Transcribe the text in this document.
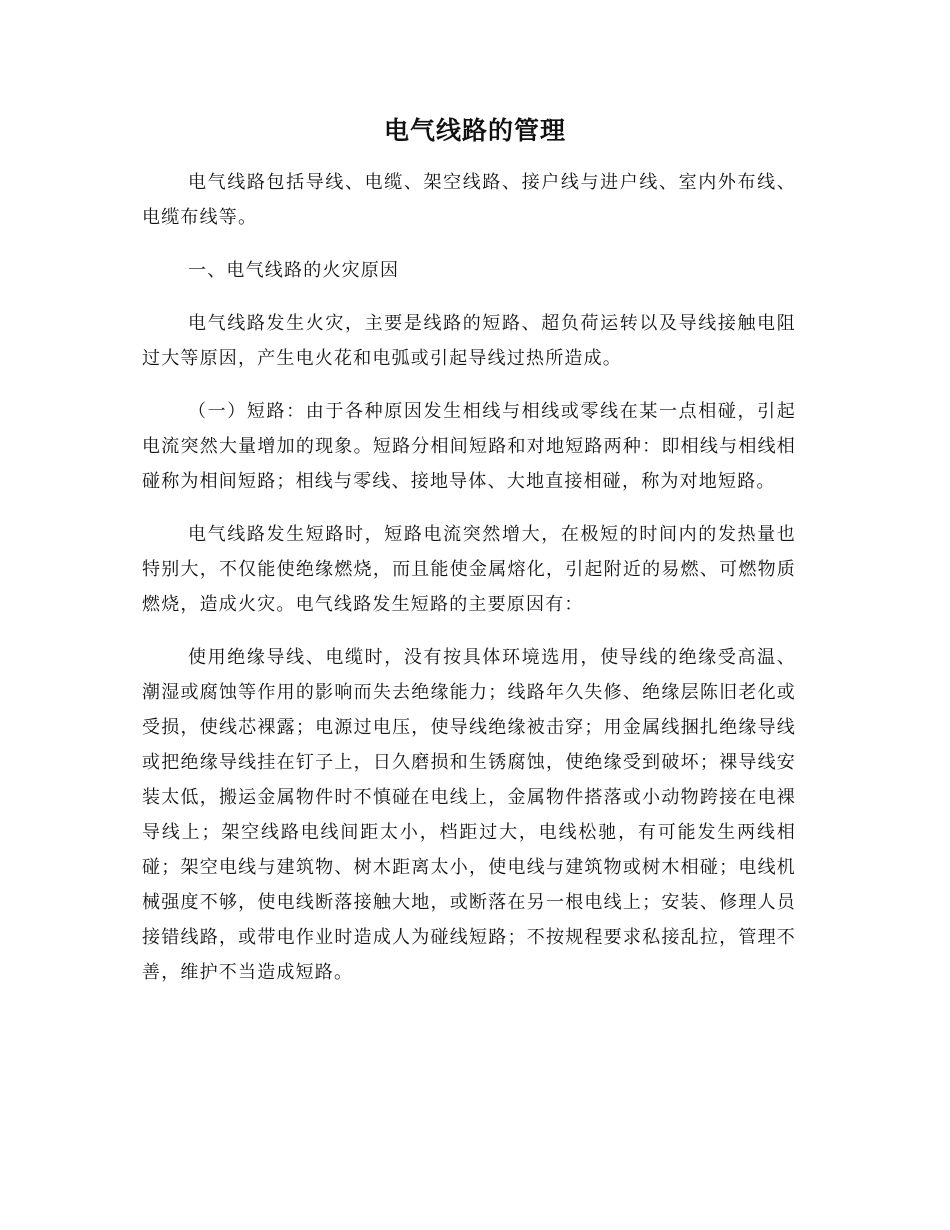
电气线路的管理

电气线路包括导线、电缆、架空线路、接户线与进户线、室内外布线、电缆布线等。

一、电气线路的火灾原因

电气线路发生火灾，主要是线路的短路、超负荷运转以及导线接触电阻过大等原因，产生电火花和电弧或引起导线过热所造成。

（一）短路：由于各种原因发生相线与相线或零线在某一点相碰，引起电流突然大量增加的现象。短路分相间短路和对地短路两种：即相线与相线相碰称为相间短路；相线与零线、接地导体、大地直接相碰，称为对地短路。

电气线路发生短路时，短路电流突然增大，在极短的时间内的发热量也特别大，不仅能使绝缘燃烧，而且能使金属熔化，引起附近的易燃、可燃物质燃烧，造成火灾。电气线路发生短路的主要原因有：

使用绝缘导线、电缆时，没有按具体环境选用，使导线的绝缘受高温、潮湿或腐蚀等作用的影响而失去绝缘能力；线路年久失修、绝缘层陈旧老化或受损，使线芯裸露；电源过电压，使导线绝缘被击穿；用金属线捆扎绝缘导线或把绝缘导线挂在钉子上，日久磨损和生锈腐蚀，使绝缘受到破坏；裸导线安装太低，搬运金属物件时不慎碰在电线上，金属物件搭落或小动物跨接在电裸导线上；架空线路电线间距太小，档距过大，电线松驰，有可能发生两线相碰；架空电线与建筑物、树木距离太小，使电线与建筑物或树木相碰；电线机械强度不够，使电线断落接触大地，或断落在另一根电线上；安装、修理人员接错线路，或带电作业时造成人为碰线短路；不按规程要求私接乱拉，管理不善，维护不当造成短路。
